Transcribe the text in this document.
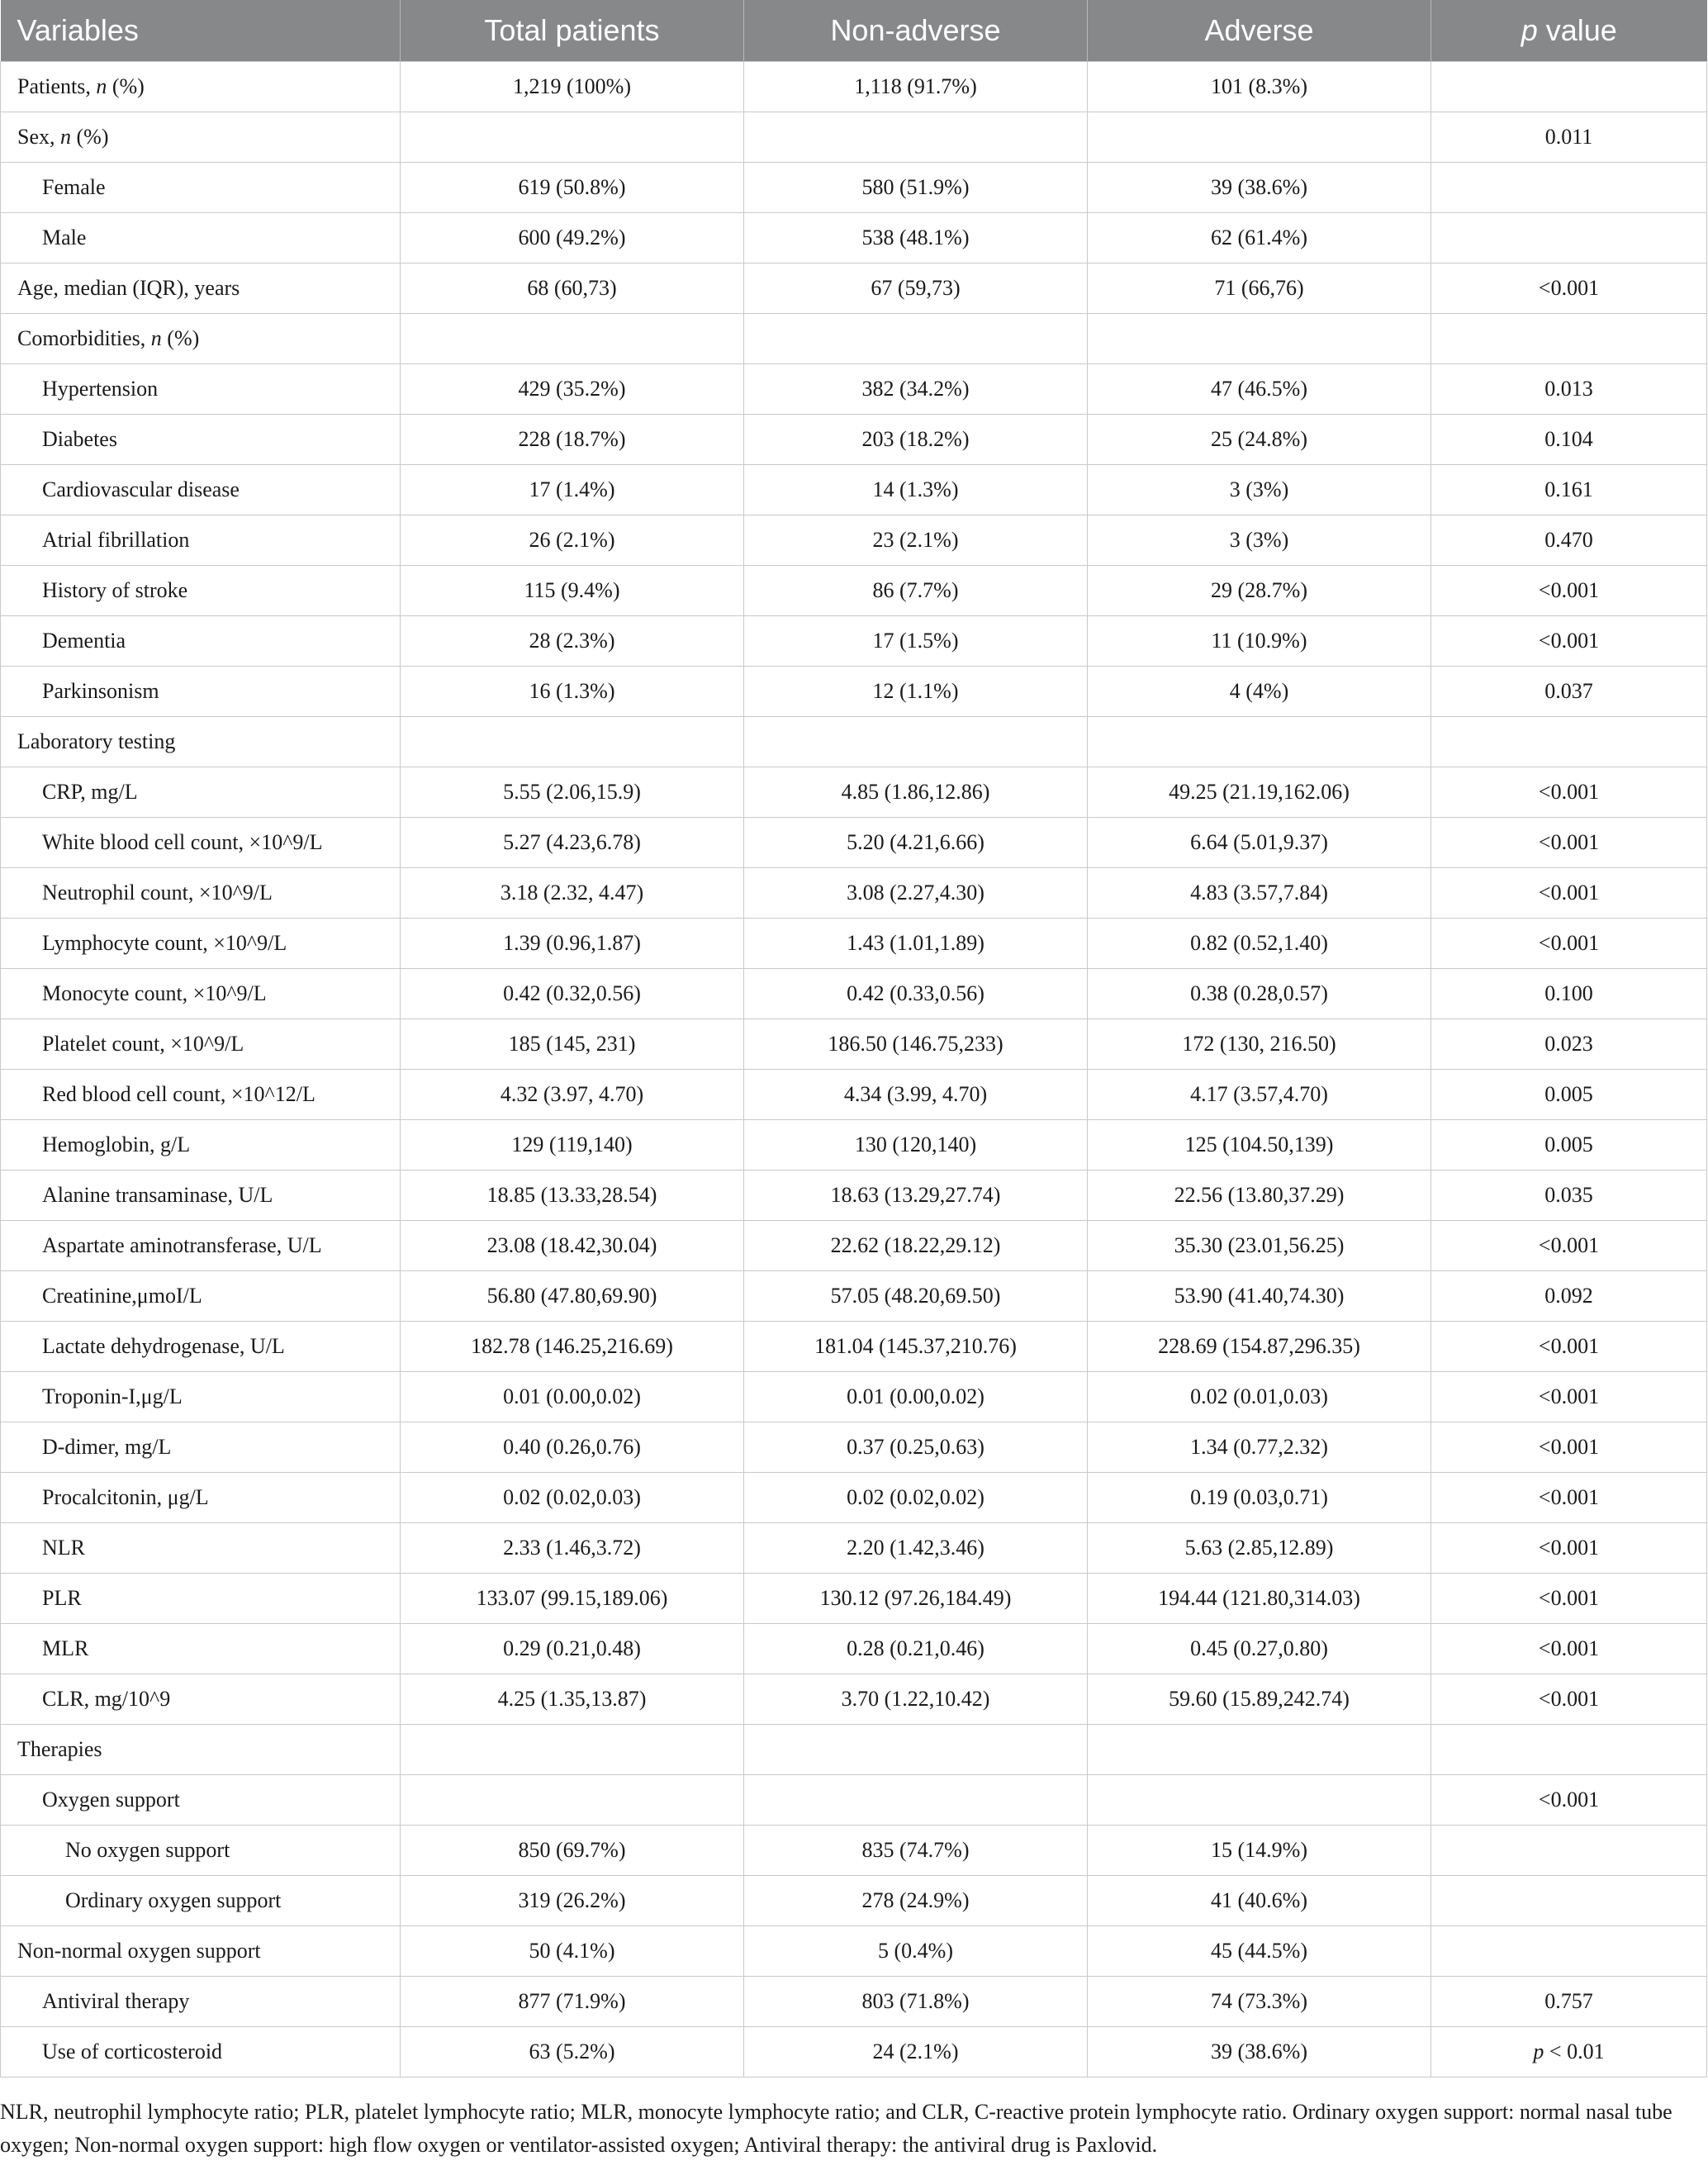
Variables	Total patients	Non-adverse	Adverse	p value
Patients, n (%)	1,219 (100%)	1,118 (91.7%)	101 (8.3%)	
Sex, n (%)				0.011
Female	619 (50.8%)	580 (51.9%)	39 (38.6%)	
Male	600 (49.2%)	538 (48.1%)	62 (61.4%)	
Age, median (IQR), years	68 (60,73)	67 (59,73)	71 (66,76)	<0.001
Comorbidities, n (%)				
Hypertension	429 (35.2%)	382 (34.2%)	47 (46.5%)	0.013
Diabetes	228 (18.7%)	203 (18.2%)	25 (24.8%)	0.104
Cardiovascular disease	17 (1.4%)	14 (1.3%)	3 (3%)	0.161
Atrial fibrillation	26 (2.1%)	23 (2.1%)	3 (3%)	0.470
History of stroke	115 (9.4%)	86 (7.7%)	29 (28.7%)	<0.001
Dementia	28 (2.3%)	17 (1.5%)	11 (10.9%)	<0.001
Parkinsonism	16 (1.3%)	12 (1.1%)	4 (4%)	0.037
Laboratory testing				
CRP, mg/L	5.55 (2.06,15.9)	4.85 (1.86,12.86)	49.25 (21.19,162.06)	<0.001
White blood cell count, ×10^9/L	5.27 (4.23,6.78)	5.20 (4.21,6.66)	6.64 (5.01,9.37)	<0.001
Neutrophil count, ×10^9/L	3.18 (2.32, 4.47)	3.08 (2.27,4.30)	4.83 (3.57,7.84)	<0.001
Lymphocyte count, ×10^9/L	1.39 (0.96,1.87)	1.43 (1.01,1.89)	0.82 (0.52,1.40)	<0.001
Monocyte count, ×10^9/L	0.42 (0.32,0.56)	0.42 (0.33,0.56)	0.38 (0.28,0.57)	0.100
Platelet count, ×10^9/L	185 (145, 231)	186.50 (146.75,233)	172 (130, 216.50)	0.023
Red blood cell count, ×10^12/L	4.32 (3.97, 4.70)	4.34 (3.99, 4.70)	4.17 (3.57,4.70)	0.005
Hemoglobin, g/L	129 (119,140)	130 (120,140)	125 (104.50,139)	0.005
Alanine transaminase, U/L	18.85 (13.33,28.54)	18.63 (13.29,27.74)	22.56 (13.80,37.29)	0.035
Aspartate aminotransferase, U/L	23.08 (18.42,30.04)	22.62 (18.22,29.12)	35.30 (23.01,56.25)	<0.001
Creatinine,μmoI/L	56.80 (47.80,69.90)	57.05 (48.20,69.50)	53.90 (41.40,74.30)	0.092
Lactate dehydrogenase, U/L	182.78 (146.25,216.69)	181.04 (145.37,210.76)	228.69 (154.87,296.35)	<0.001
Troponin-I,μg/L	0.01 (0.00,0.02)	0.01 (0.00,0.02)	0.02 (0.01,0.03)	<0.001
D-dimer, mg/L	0.40 (0.26,0.76)	0.37 (0.25,0.63)	1.34 (0.77,2.32)	<0.001
Procalcitonin, μg/L	0.02 (0.02,0.03)	0.02 (0.02,0.02)	0.19 (0.03,0.71)	<0.001
NLR	2.33 (1.46,3.72)	2.20 (1.42,3.46)	5.63 (2.85,12.89)	<0.001
PLR	133.07 (99.15,189.06)	130.12 (97.26,184.49)	194.44 (121.80,314.03)	<0.001
MLR	0.29 (0.21,0.48)	0.28 (0.21,0.46)	0.45 (0.27,0.80)	<0.001
CLR, mg/10^9	4.25 (1.35,13.87)	3.70 (1.22,10.42)	59.60 (15.89,242.74)	<0.001
Therapies				
Oxygen support				<0.001
No oxygen support	850 (69.7%)	835 (74.7%)	15 (14.9%)	
Ordinary oxygen support	319 (26.2%)	278 (24.9%)	41 (40.6%)	
Non-normal oxygen support	50 (4.1%)	5 (0.4%)	45 (44.5%)	
Antiviral therapy	877 (71.9%)	803 (71.8%)	74 (73.3%)	0.757
Use of corticosteroid	63 (5.2%)	24 (2.1%)	39 (38.6%)	p < 0.01

NLR, neutrophil lymphocyte ratio; PLR, platelet lymphocyte ratio; MLR, monocyte lymphocyte ratio; and CLR, C-reactive protein lymphocyte ratio. Ordinary oxygen support: normal nasal tube oxygen; Non-normal oxygen support: high flow oxygen or ventilator-assisted oxygen; Antiviral therapy: the antiviral drug is Paxlovid.
